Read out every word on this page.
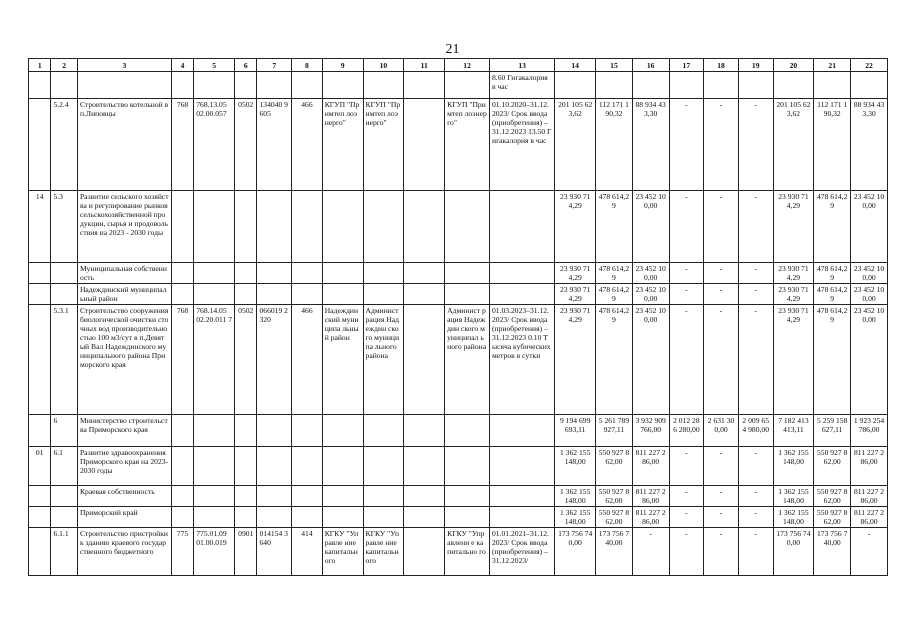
21
1	2	3	4	5	6	7	8	9	10	11	12	13	14	15	16	17	18	19	20	21	22
												8.60 Гигакалория в час									
	5.2.4	Строительство котельной в п.Липовцы	768	768.13.05 02.00.057	0502	134040 9605	466	КГУП "Примтеп лоэнерго"	КГУП "Примтеп лоэнерго"		КГУП "Примтеп лоэнерго"	01.10.2020–31.12.2023/ Срок ввода (приобретения) – 31.12.2023 13.50 Гигакалория в час	201 105 623,62	112 171 190,32	88 934 433,30	-	-	-	201 105 623,62	112 171 190,32	88 934 433,30
14	5.3	Развитие сельского хозяйства и регулирование рынков сельскохозяйственной продукции, сырья и продовольствия на 2023 - 2030 годы											23 930 714,29	478 614,29	23 452 100,00	-	-	-	23 930 714,29	478 614,29	23 452 100,00
		Муниципальная собственность											23 930 714,29	478 614,29	23 452 100,00	-	-	-	23 930 714,29	478 614,29	23 452 100,00
		Надеждинский муниципальный район											23 930 714,29	478 614,29	23 452 100,00	-	-	-	23 930 714,29	478 614,29	23 452 100,00
	5.3.1	Строительство сооружения биологической очистки сточных вод производительностью 100 м3/сут в п.Девятый Вал Надеждинского муниципального района Приморского края	768	768.14.05 02.20.011 7	0502	066019 2320	466	Надеждин ский муниципа льный район	Админист рация Надеждин ского муниципа льного района		Админист рация Надеждин ского муниципал ьного района	01.03.2023–31.12.2023/ Срок ввода (приобретения) – 31.12.2023 0.10 Тысяча кубических метров в сутки	23 930 714,29	478 614,29	23 452 100,00	-	-	-	23 930 714,29	478 614,29	23 452 100,00
	6	Министерство строительства Приморского края											9 194 699 693,11	5 261 789 927,11	3 932 909 766,00	2 012 286 280,00	2 631 300,00	2 009 654 980,00	7 182 413 413,11	5 259 158 627,11	1 923 254 786,00
01	6.1	Развитие здравоохранения Приморского края на 2023-2030 годы											1 362 155 148,00	550 927 862,00	811 227 286,00	-	-	-	1 362 155 148,00	550 927 862,00	811 227 286,00
		Краевая собственность											1 362 155 148,00	550 927 862,00	811 227 286,00	-	-	-	1 362 155 148,00	550 927 862,00	811 227 286,00
		Приморский край											1 362 155 148,00	550 927 862,00	811 227 286,00	-	-	-	1 362 155 148,00	550 927 862,00	811 227 286,00
	6.1.1	Строительство пристройки к зданию краевого государственного бюджетного	775	775.01.09 01.00.019	0901	014154 3640	414	КГКУ "Управле ние капитальн ого	КГКУ "Управле ние капитальн ого		КГКУ "Управлени е капитально го	01.01.2021–31.12.2023/ Срок ввода (приобретения) – 31.12.2023/	173 756 740,00	173 756 740,00	-	-	-	-	173 756 740,00	173 756 740,00	-
